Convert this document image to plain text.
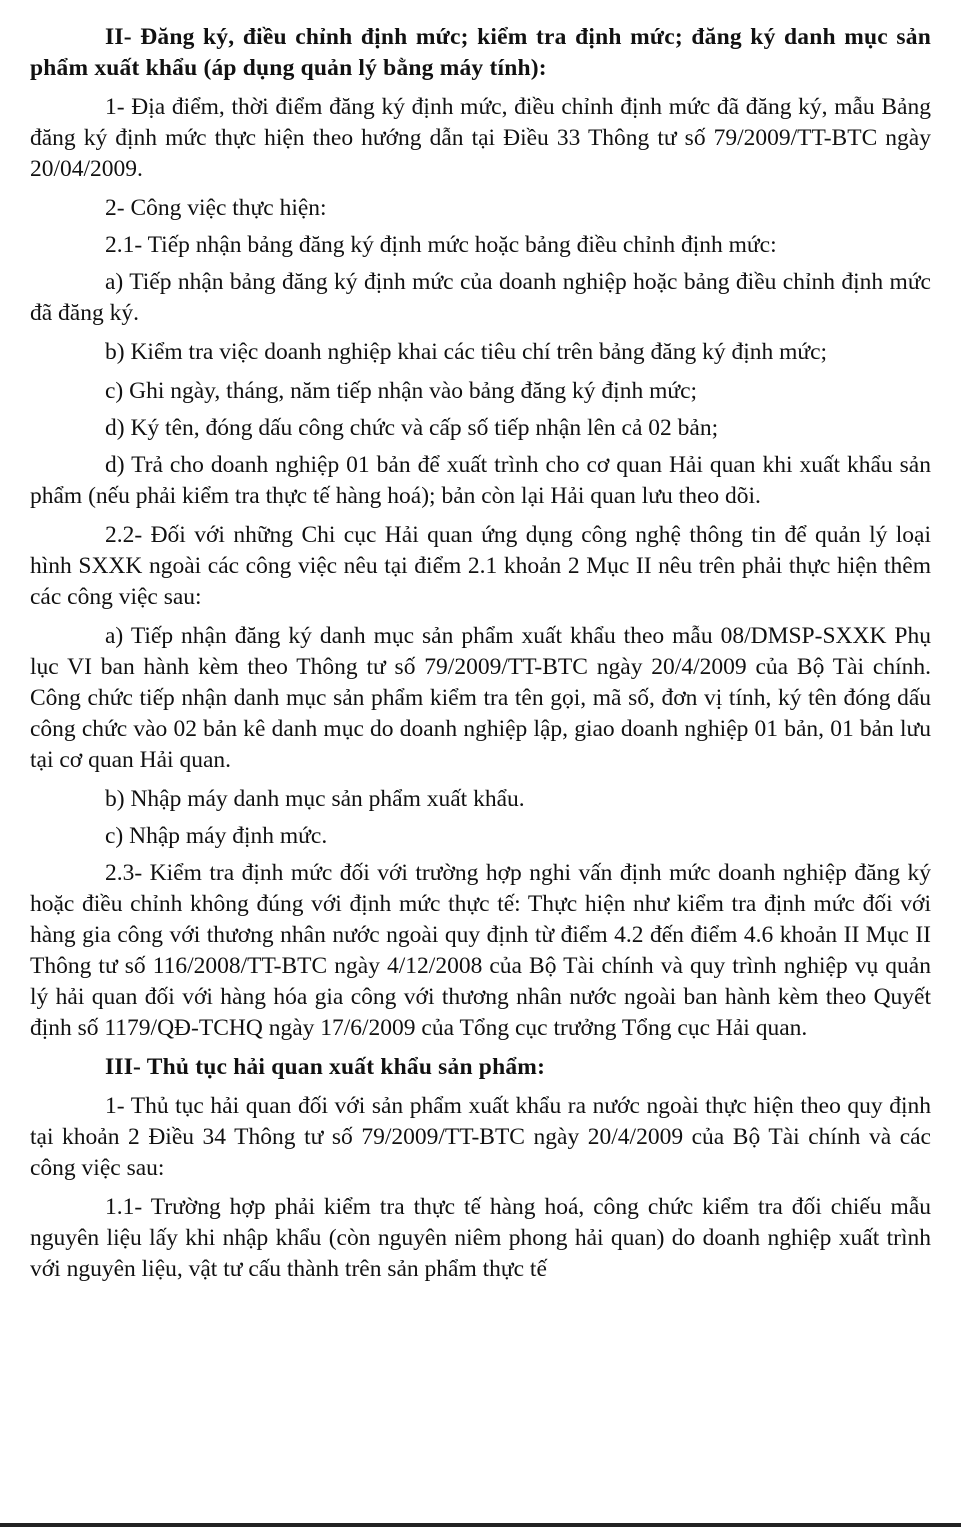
II- Đăng ký, điều chỉnh định mức; kiểm tra định mức; đăng ký danh mục sản phẩm xuất khẩu (áp dụng quản lý bằng máy tính):

1- Địa điểm, thời điểm đăng ký định mức, điều chỉnh định mức đã đăng ký, mẫu Bảng đăng ký định mức thực hiện theo hướng dẫn tại Điều 33 Thông tư số 79/2009/TT-BTC ngày 20/04/2009.

2- Công việc thực hiện:

2.1- Tiếp nhận bảng đăng ký định mức hoặc bảng điều chỉnh định mức:

a) Tiếp nhận bảng đăng ký định mức của doanh nghiệp hoặc bảng điều chỉnh định mức đã đăng ký.

b) Kiểm tra việc doanh nghiệp khai các tiêu chí trên bảng đăng ký định mức;

c) Ghi ngày, tháng, năm tiếp nhận vào bảng đăng ký định mức;

d) Ký tên, đóng dấu công chức và cấp số tiếp nhận lên cả 02 bản;

d) Trả cho doanh nghiệp 01 bản để xuất trình cho cơ quan Hải quan khi xuất khẩu sản phẩm (nếu phải kiểm tra thực tế hàng hoá); bản còn lại Hải quan lưu theo dõi.

2.2- Đối với những Chi cục Hải quan ứng dụng công nghệ thông tin để quản lý loại hình SXXK ngoài các công việc nêu tại điểm 2.1 khoản 2 Mục II nêu trên phải thực hiện thêm các công việc sau:

a) Tiếp nhận đăng ký danh mục sản phẩm xuất khẩu theo mẫu 08/DMSP-SXXK Phụ lục VI ban hành kèm theo Thông tư số 79/2009/TT-BTC ngày 20/4/2009 của Bộ Tài chính. Công chức tiếp nhận danh mục sản phẩm kiểm tra tên gọi, mã số, đơn vị tính, ký tên đóng dấu công chức vào 02 bản kê danh mục do doanh nghiệp lập, giao doanh nghiệp 01 bản, 01 bản lưu tại cơ quan Hải quan.

b) Nhập máy danh mục sản phẩm xuất khẩu.

c) Nhập máy định mức.

2.3- Kiểm tra định mức đối với trường hợp nghi vấn định mức doanh nghiệp đăng ký hoặc điều chỉnh không đúng với định mức thực tế: Thực hiện như kiểm tra định mức đối với hàng gia công với thương nhân nước ngoài quy định từ điểm 4.2 đến điểm 4.6 khoản II Mục II Thông tư số 116/2008/TT-BTC ngày 4/12/2008 của Bộ Tài chính và quy trình nghiệp vụ quản lý hải quan đối với hàng hóa gia công với thương nhân nước ngoài ban hành kèm theo Quyết định số 1179/QĐ-TCHQ ngày 17/6/2009 của Tổng cục trưởng Tổng cục Hải quan.

III- Thủ tục hải quan xuất khẩu sản phẩm:

1- Thủ tục hải quan đối với sản phẩm xuất khẩu ra nước ngoài thực hiện theo quy định tại khoản 2 Điều 34 Thông tư số 79/2009/TT-BTC ngày 20/4/2009 của Bộ Tài chính và các công việc sau:

1.1- Trường hợp phải kiểm tra thực tế hàng hoá, công chức kiểm tra đối chiếu mẫu nguyên liệu lấy khi nhập khẩu (còn nguyên niêm phong hải quan) do doanh nghiệp xuất trình với nguyên liệu, vật tư cấu thành trên sản phẩm thực tế
